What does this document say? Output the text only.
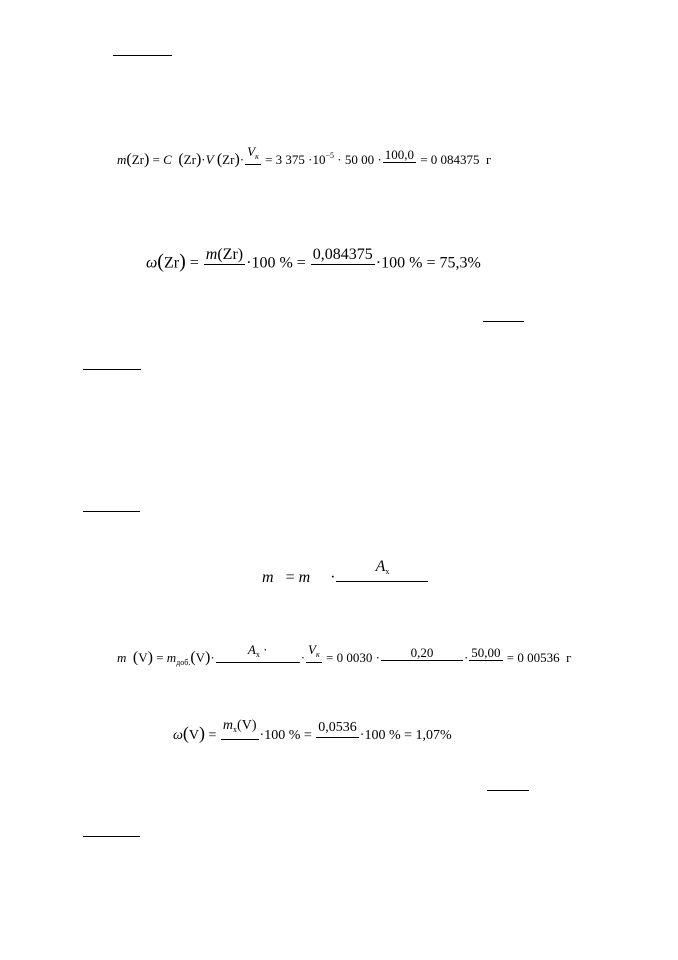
m(Zr) = C (Zr)·V (Zr)·
$V_к = 3$ $375 \cdot 10^{-5} \cdot 50$ 00 · 100,0 = 0 084375 г
ω(Zr) =
m(Zr)
·100 % =
0,084375
·100 % = 75,3%
m   = m     ·
$A_х$
m $(V) = m_{доб.}(V)\cdot$
$A_х$ ·
·
$V_к = 0$ 0030 ·	0,20	· 50,00 = 0 00536 г
ω(V) =
$m_х(V)$
·100 % =
0,0536
·100 % = 1,07%
